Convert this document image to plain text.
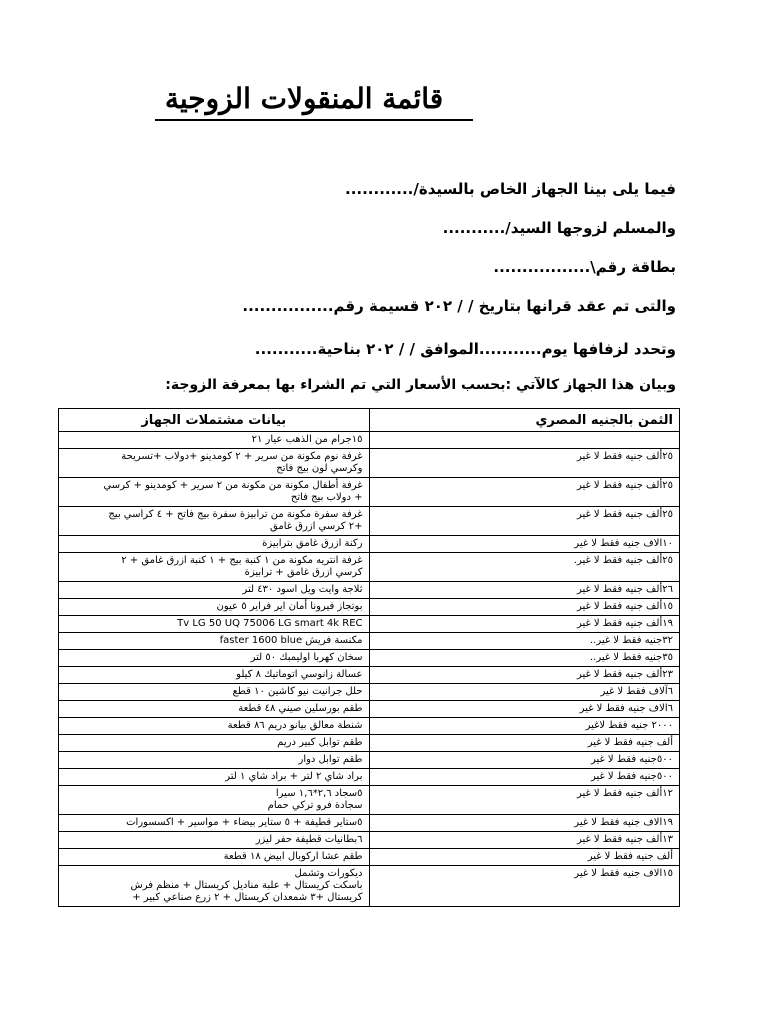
قائمة المنقولات الزوجية
فيما يلى بينا الجهاز الخاص بالسيدة/............
والمسلم لزوجها السيد/...........
بطاقة رقم\.................
والتى تم عقد قرانها بتاريخ / / ٢٠٢ قسيمة رقم................
وتحدد لزفافها يوم...........الموافق / / ٢٠٢ بناحية...........
وبيان هذا الجهاز كالآتي :بحسب الأسعار التي تم الشراء بها بمعرفة الزوجة:
الثمن بالجنيه المصري	بيانات مشتملات الجهاز

	١٥جرام من الذهب عيار ٢١

٢٥ألف جنيه فقط لا غير	غرفة نوم مكونة من سرير + ٢ كومدينو +دولاب +تسريحة
وكرسي لون بيج فاتح

٢٥ألف جنيه فقط لا غير	غرفة أطفال مكونة من مكونة من ٢ سرير + كومدينو + كرسي
+ دولاب بيج فاتح

٢٥ألف جنيه فقط لا غير	غرفة سفرة مكونة من ترابيزة سفرة بيج فاتح + ٤ كراسي بيج
+٢ كرسي ازرق غامق

١٠الاف جنيه فقط لا غير	ركنة ازرق غامق بترابيزة

٢٥ألف جنيه فقط لا غير.	غرفة انتريه مكونة من ١ كنبة بيج + ١ كنبة ازرق غامق + ٢
كرسي ازرق غامق + ترابيزة

٢٦ألف جنيه فقط لا غير	ثلاجة وايت ويل اسود ٤٣٠ لتر

١٥ألف جنيه فقط لا غير	بوتجاز فيرونا أمان اير فراير ٥ عيون

١٩ألف جنيه فقط لا غير	Tv LG 50 UQ 75006 LG smart 4k REC

٣٢جنيه فقط لا غير..	مكنسة فريش faster 1600 blue

٣٥جنيه فقط لا غير..	سخان كهربا اوليمبك ٥٠ لتر

٢٣ألف جنيه فقط لا غير	عسالة زانوسي اتوماتيك ٨ كيلو

٦آلاف فقط لا غير	حلل جرانيت نيو كاشين ١٠ قطع

٦الاف جنيه فقط لا غير	طقم بورسلين صيني ٤٨ قطعة

٢٠٠٠ جنيه فقط لاغير	شنطة معالق بيانو دريم ٨٦ قطعة

ألف جنيه فقط لا غير	طقم توابل كبير دريم

٥٠٠جنيه فقط لا غير	طقم توابل دوار

٥٠٠جنيه فقط لا غير	براد شاي ٢ لتر + براد شاي ١ لتر

١٢ألف جنيه فقط لا غير	٥سجاد ٢,٦*١,٦ سيرا
سجادة فرو تركي حمام

١٩الاف جنيه فقط لا غير	٥ستاير قطيفة + ٥ ستاير بيضاء + مواسير + اكسسورات

١٣ألف جنيه فقط لا غير	٦بطانيات قطيفة حفر ليزر

ألف جنيه فقط لا غير	طقم عشا اركوبال ابيض ١٨ قطعة

١٥الاف جنيه فقط لا غير	ديكورات وتشمل
باسكت كريستال + علبة مناديل كريستال + منظم فرش
كريستال +٣ شمعدان كريستال + ٢ زرع صناعي كبير +
